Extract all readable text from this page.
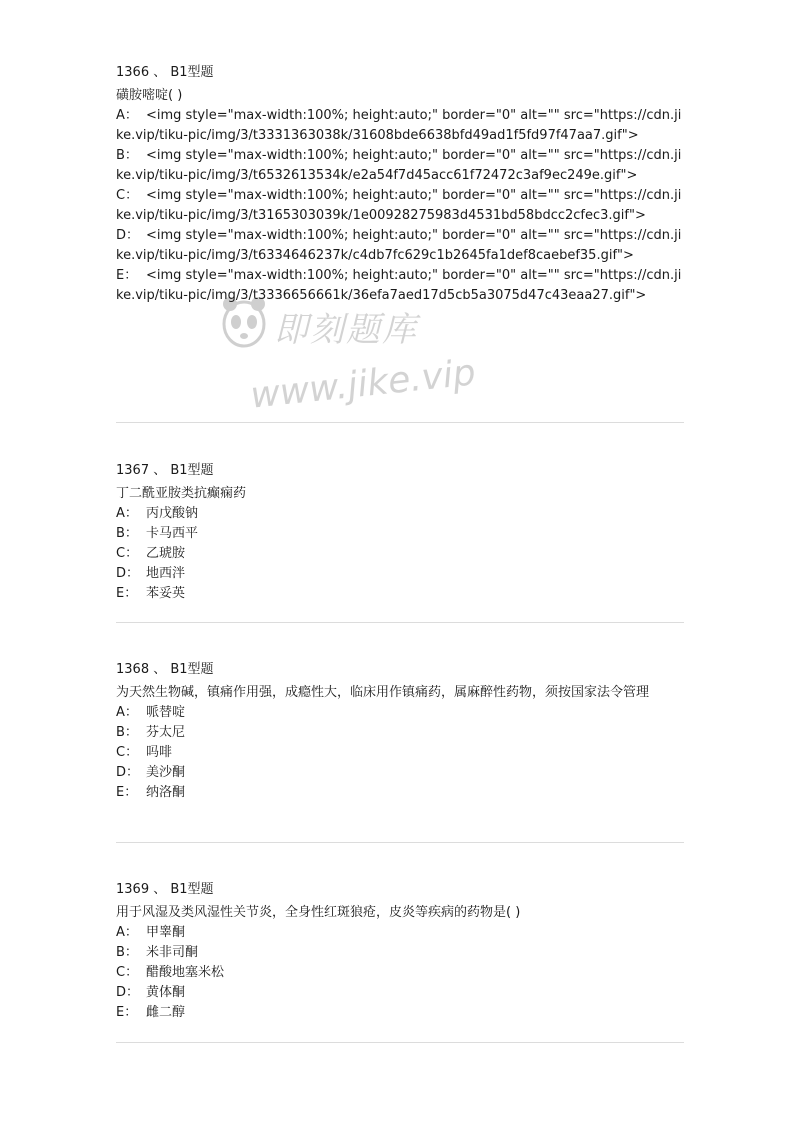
1366 、 B1型题

磺胺嘧啶( )

A： <img style="max-width:100%; height:auto;" border="0" alt="" src="https://cdn.jike.vip/tiku-pic/img/3/t3331363038k/31608bde6638bfd49ad1f5fd97f47aa7.gif">

B： <img style="max-width:100%; height:auto;" border="0" alt="" src="https://cdn.jike.vip/tiku-pic/img/3/t6532613534k/e2a54f7d45acc61f72472c3af9ec249e.gif">

C： <img style="max-width:100%; height:auto;" border="0" alt="" src="https://cdn.jike.vip/tiku-pic/img/3/t3165303039k/1e00928275983d4531bd58bdcc2cfec3.gif">

D： <img style="max-width:100%; height:auto;" border="0" alt="" src="https://cdn.jike.vip/tiku-pic/img/3/t6334646237k/c4db7fc629c1b2645fa1def8caebef35.gif">

E： <img style="max-width:100%; height:auto;" border="0" alt="" src="https://cdn.jike.vip/tiku-pic/img/3/t3336656661k/36efa7aed17d5cb5a3075d47c43eaa27.gif">

1367 、 B1型题

丁二酰亚胺类抗癫痫药

A： 丙戊酸钠

B： 卡马西平

C： 乙琥胺

D： 地西泮

E： 苯妥英

1368 、 B1型题

为天然生物碱，镇痛作用强，成瘾性大，临床用作镇痛药，属麻醉性药物，须按国家法令管理

A： 哌替啶

B： 芬太尼

C： 吗啡

D： 美沙酮

E： 纳洛酮

1369 、 B1型题

用于风湿及类风湿性关节炎，全身性红斑狼疮，皮炎等疾病的药物是( )

A： 甲睾酮

B： 米非司酮

C： 醋酸地塞米松

D： 黄体酮

E： 雌二醇

即刻题库
www.jike.vip
